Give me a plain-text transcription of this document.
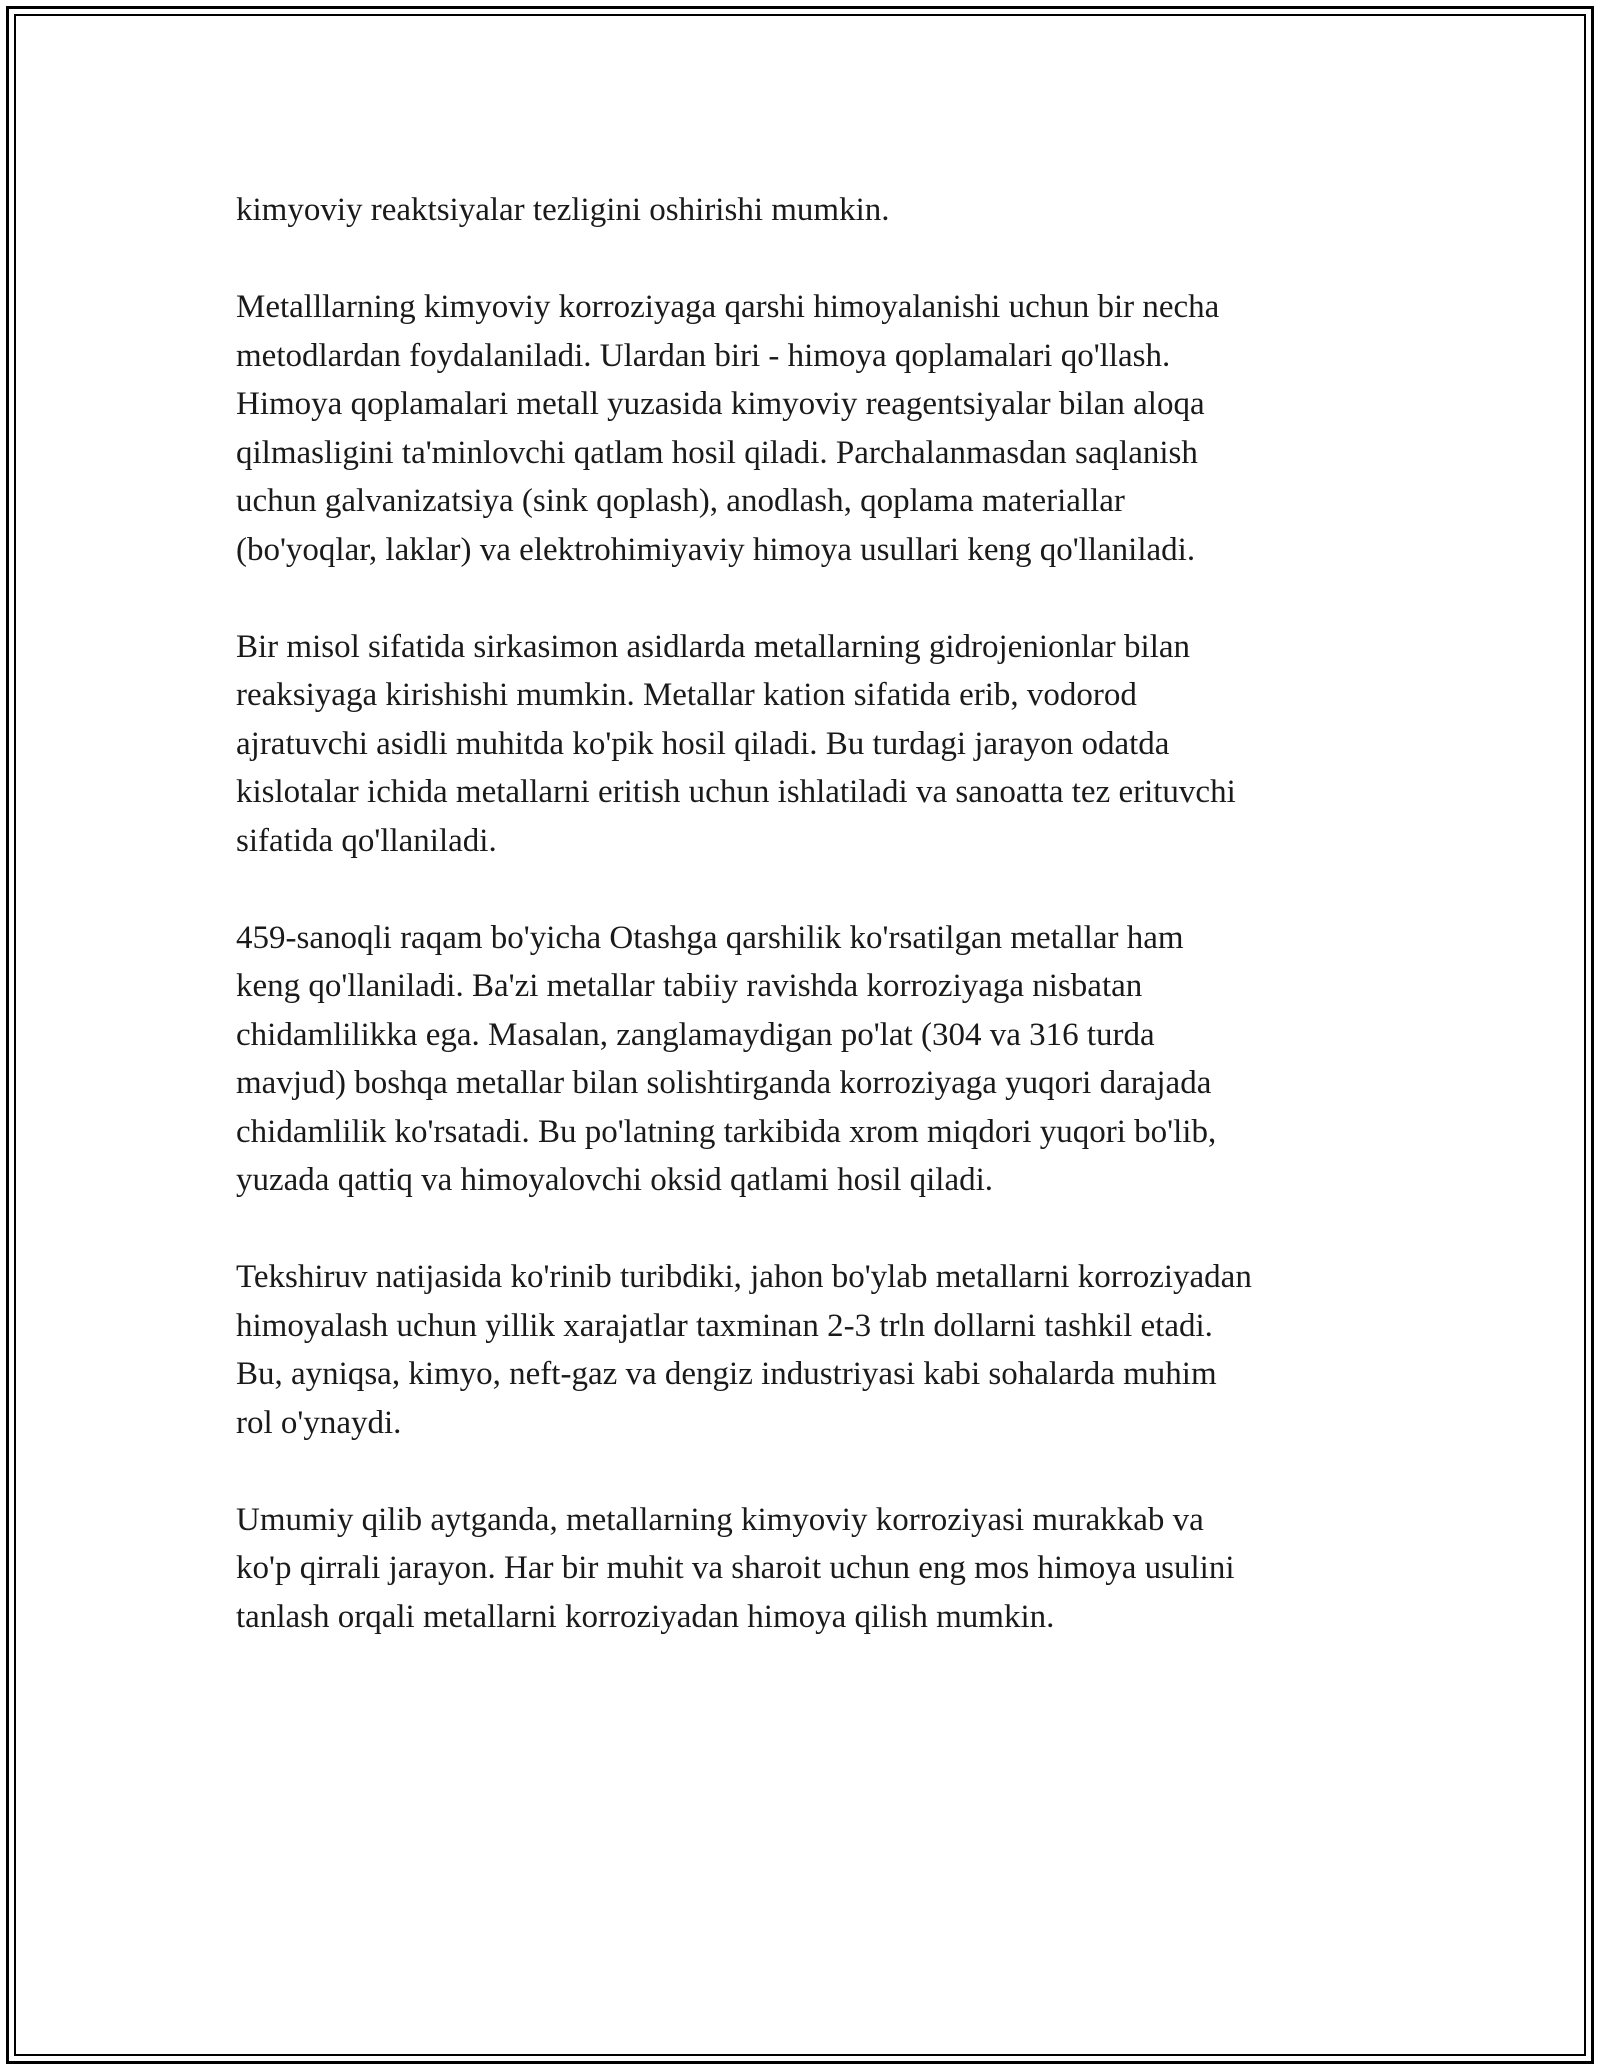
kimyoviy reaktsiyalar tezligini oshirishi mumkin.

Metalllarning kimyoviy korroziyaga qarshi himoyalanishi uchun bir necha
metodlardan foydalaniladi. Ulardan biri - himoya qoplamalari qo'llash.
Himoya qoplamalari metall yuzasida kimyoviy reagentsiyalar bilan aloqa
qilmasligini ta'minlovchi qatlam hosil qiladi. Parchalanmasdan saqlanish
uchun galvanizatsiya (sink qoplash), anodlash, qoplama materiallar
(bo'yoqlar, laklar) va elektrohimiyaviy himoya usullari keng qo'llaniladi.

Bir misol sifatida sirkasimon asidlarda metallarning gidrojenionlar bilan
reaksiyaga kirishishi mumkin. Metallar kation sifatida erib, vodorod
ajratuvchi asidli muhitda ko'pik hosil qiladi. Bu turdagi jarayon odatda
kislotalar ichida metallarni eritish uchun ishlatiladi va sanoatta tez erituvchi
sifatida qo'llaniladi.

459-sanoqli raqam bo'yicha Otashga qarshilik ko'rsatilgan metallar ham
keng qo'llaniladi. Ba'zi metallar tabiiy ravishda korroziyaga nisbatan
chidamlilikka ega. Masalan, zanglamaydigan po'lat (304 va 316 turda
mavjud) boshqa metallar bilan solishtirganda korroziyaga yuqori darajada
chidamlilik ko'rsatadi. Bu po'latning tarkibida xrom miqdori yuqori bo'lib,
yuzada qattiq va himoyalovchi oksid qatlami hosil qiladi.

Tekshiruv natijasida ko'rinib turibdiki, jahon bo'ylab metallarni korroziyadan
himoyalash uchun yillik xarajatlar taxminan 2-3 trln dollarni tashkil etadi.
Bu, ayniqsa, kimyo, neft-gaz va dengiz industriyasi kabi sohalarda muhim
rol o'ynaydi.

Umumiy qilib aytganda, metallarning kimyoviy korroziyasi murakkab va
ko'p qirrali jarayon. Har bir muhit va sharoit uchun eng mos himoya usulini
tanlash orqali metallarni korroziyadan himoya qilish mumkin.
